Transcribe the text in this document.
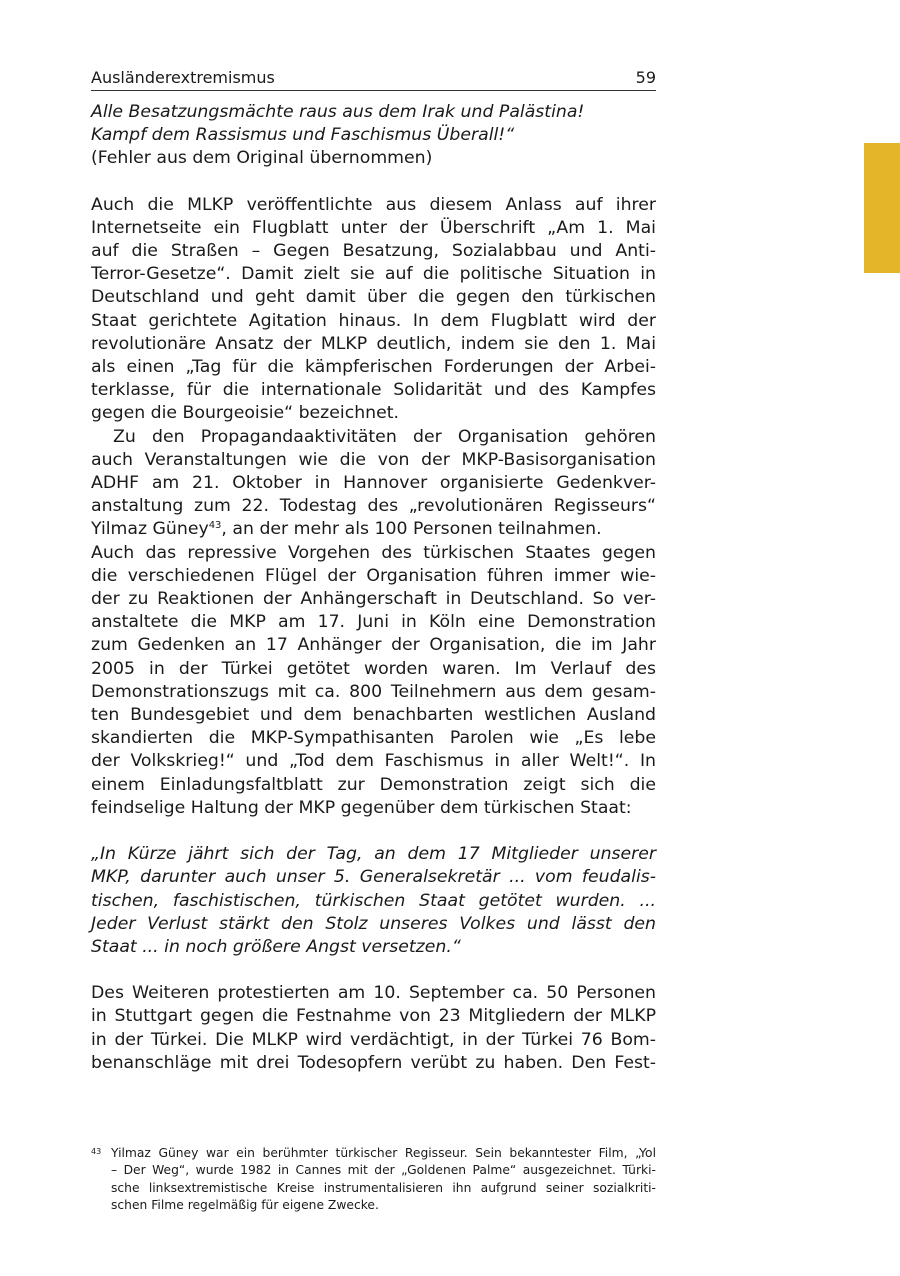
Ausländerextremismus	59

Alle Besatzungsmächte raus aus dem Irak und Palästina!
Kampf dem Rassismus und Faschismus Überall!“

(Fehler aus dem Original übernommen)

Auch die MLKP veröffentlichte aus diesem Anlass auf ihrer
Internetseite ein Flugblatt unter der Überschrift „Am 1. Mai
auf die Straßen – Gegen Besatzung, Sozialabbau und Anti-
Terror-Gesetze“. Damit zielt sie auf die politische Situation in
Deutschland und geht damit über die gegen den türkischen
Staat gerichtete Agitation hinaus. In dem Flugblatt wird der
revolutionäre Ansatz der MLKP deutlich, indem sie den 1. Mai
als einen „Tag für die kämpferischen Forderungen der Arbei-
terklasse, für die internationale Solidarität und des Kampfes
gegen die Bourgeoisie“ bezeichnet.

Zu den Propagandaaktivitäten der Organisation gehören
auch Veranstaltungen wie die von der MKP-Basisorganisation
ADHF am 21. Oktober in Hannover organisierte Gedenkver-
anstaltung zum 22. Todestag des „revolutionären Regisseurs“
Yilmaz Güney$^{43}$, an der mehr als 100 Personen teilnahmen.
Auch das repressive Vorgehen des türkischen Staates gegen
die verschiedenen Flügel der Organisation führen immer wie-
der zu Reaktionen der Anhängerschaft in Deutschland. So ver-
anstaltete die MKP am 17. Juni in Köln eine Demonstration
zum Gedenken an 17 Anhänger der Organisation, die im Jahr
2005 in der Türkei getötet worden waren. Im Verlauf des
Demonstrationszugs mit ca. 800 Teilnehmern aus dem gesam-
ten Bundesgebiet und dem benachbarten westlichen Ausland
skandierten die MKP-Sympathisanten Parolen wie „Es lebe
der Volkskrieg!“ und „Tod dem Faschismus in aller Welt!“. In
einem Einladungsfaltblatt zur Demonstration zeigt sich die
feindselige Haltung der MKP gegenüber dem türkischen Staat:

„In Kürze jährt sich der Tag, an dem 17 Mitglieder unserer
MKP, darunter auch unser 5. Generalsekretär ... vom feudalis-
tischen, faschistischen, türkischen Staat getötet wurden. ...
Jeder Verlust stärkt den Stolz unseres Volkes und lässt den
Staat ... in noch größere Angst versetzen.“

Des Weiteren protestierten am 10. September ca. 50 Personen
in Stuttgart gegen die Festnahme von 23 Mitgliedern der MLKP
in der Türkei. Die MLKP wird verdächtigt, in der Türkei 76 Bom-
benanschläge mit drei Todesopfern verübt zu haben. Den Fest-

43 Yilmaz Güney war ein berühmter türkischer Regisseur. Sein bekanntester Film, „Yol
– Der Weg“, wurde 1982 in Cannes mit der „Goldenen Palme“ ausgezeichnet. Türki-
sche linksextremistische Kreise instrumentalisieren ihn aufgrund seiner sozialkriti-
schen Filme regelmäßig für eigene Zwecke.
